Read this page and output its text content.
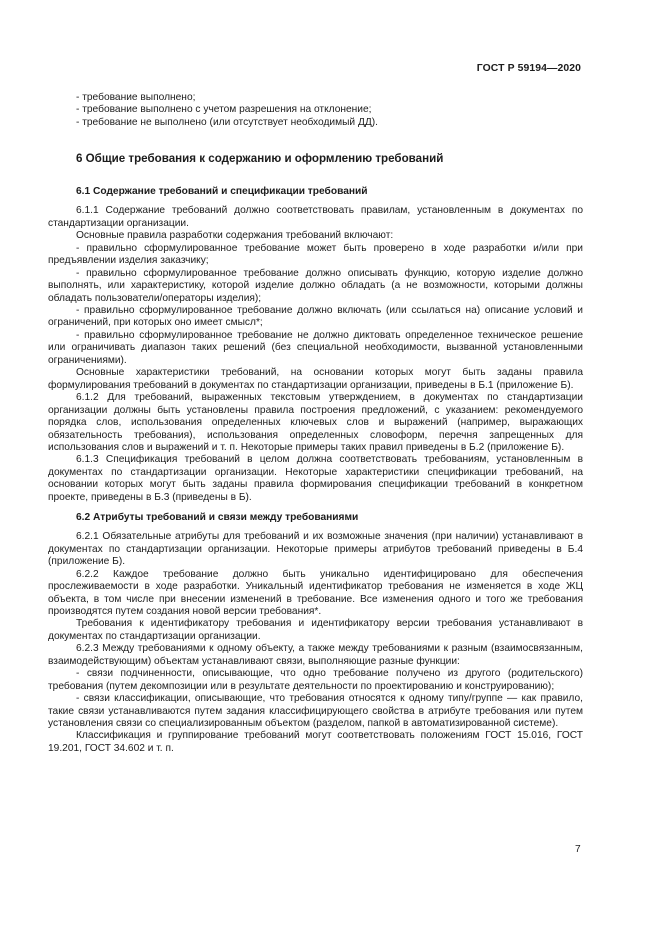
ГОСТ Р 59194—2020

- требование выполнено;

- требование выполнено с учетом разрешения на отклонение;

- требование не выполнено (или отсутствует необходимый ДД).

6 Общие требования к содержанию и оформлению требований
6.1 Содержание требований и спецификации требований

6.1.1 Содержание требований должно соответствовать правилам, установленным в документах по стандартизации организации.

Основные правила разработки содержания требований включают:

- правильно сформулированное требование может быть проверено в ходе разработки и/или при предъявлении изделия заказчику;

- правильно сформулированное требование должно описывать функцию, которую изделие должно выполнять, или характеристику, которой изделие должно обладать (а не возможности, которыми должны обладать пользователи/операторы изделия);

- правильно сформулированное требование должно включать (или ссылаться на) описание условий и ограничений, при которых оно имеет смысл*;

- правильно сформулированное требование не должно диктовать определенное техническое решение или ограничивать диапазон таких решений (без специальной необходимости, вызванной установленными ограничениями).

Основные характеристики требований, на основании которых могут быть заданы правила формулирования требований в документах по стандартизации организации, приведены в Б.1 (приложение Б).

6.1.2 Для требований, выраженных текстовым утверждением, в документах по стандартизации организации должны быть установлены правила построения предложений, с указанием: рекомендуемого порядка слов, использования определенных ключевых слов и выражений (например, выражающих обязательность требования), использования определенных словоформ, перечня запрещенных для использования слов и выражений и т. п. Некоторые примеры таких правил приведены в Б.2 (приложение Б).

6.1.3 Спецификация требований в целом должна соответствовать требованиям, установленным в документах по стандартизации организации. Некоторые характеристики спецификации требований, на основании которых могут быть заданы правила формирования спецификации требований в конкретном проекте, приведены в Б.3 (приведены в Б).

6.2 Атрибуты требований и связи между требованиями

6.2.1 Обязательные атрибуты для требований и их возможные значения (при наличии) устанавливают в документах по стандартизации организации. Некоторые примеры атрибутов требований приведены в Б.4 (приложение Б).

6.2.2 Каждое требование должно быть уникально идентифицировано для обеспечения прослеживаемости в ходе разработки. Уникальный идентификатор требования не изменяется в ходе ЖЦ объекта, в том числе при внесении изменений в требование. Все изменения одного и того же требования производятся путем создания новой версии требования*.

Требования к идентификатору требования и идентификатору версии требования устанавливают в документах по стандартизации организации.

6.2.3 Между требованиями к одному объекту, а также между требованиями к разным (взаимосвязанным, взаимодействующим) объектам устанавливают связи, выполняющие разные функции:

- связи подчиненности, описывающие, что одно требование получено из другого (родительского) требования (путем декомпозиции или в результате деятельности по проектированию и конструированию);

- связи классификации, описывающие, что требования относятся к одному типу/группе — как правило, такие связи устанавливаются путем задания классифицирующего свойства в атрибуте требования или путем установления связи со специализированным объектом (разделом, папкой в автоматизированной системе).

Классификация и группирование требований могут соответствовать положениям ГОСТ 15.016, ГОСТ 19.201, ГОСТ 34.602 и т. п.

7
